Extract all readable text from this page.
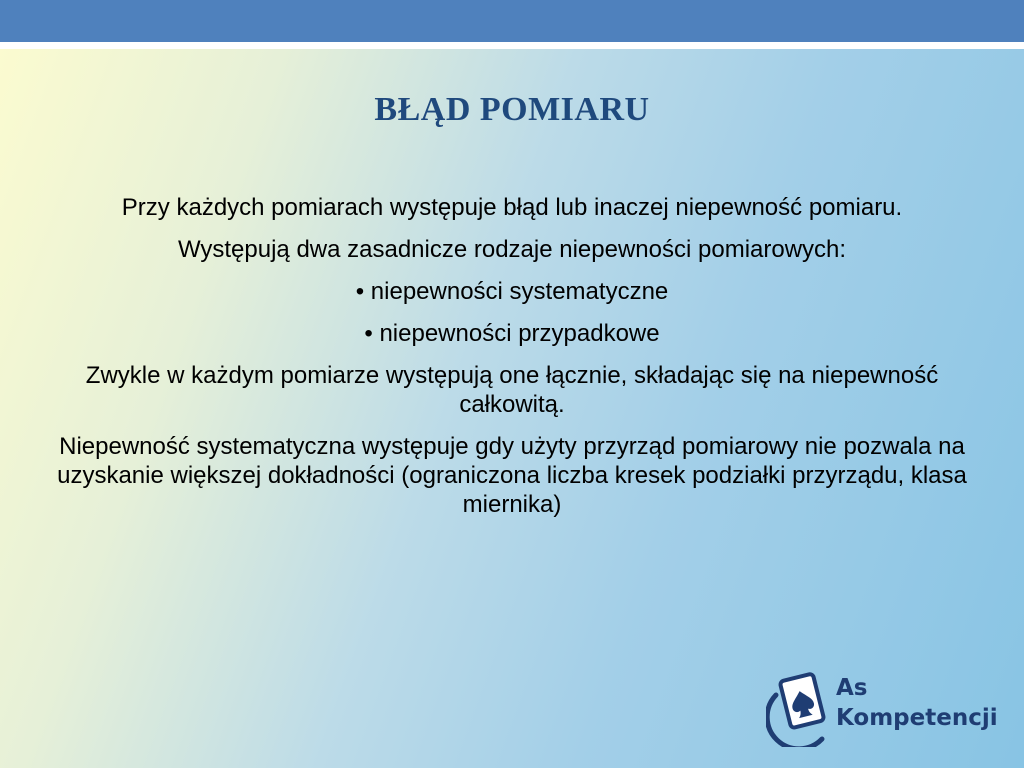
BŁĄD POMIARU

Przy każdych pomiarach występuje błąd lub inaczej niepewność pomiaru.

Występują dwa zasadnicze rodzaje niepewności pomiarowych:

• niepewności systematyczne

• niepewności przypadkowe

Zwykle w każdym pomiarze występują one łącznie, składając się na niepewność całkowitą.

Niepewność systematyczna występuje gdy użyty przyrząd pomiarowy nie pozwala na uzyskanie większej dokładności (ograniczona liczba kresek podziałki przyrządu, klasa miernika)

As
Kompetencji
